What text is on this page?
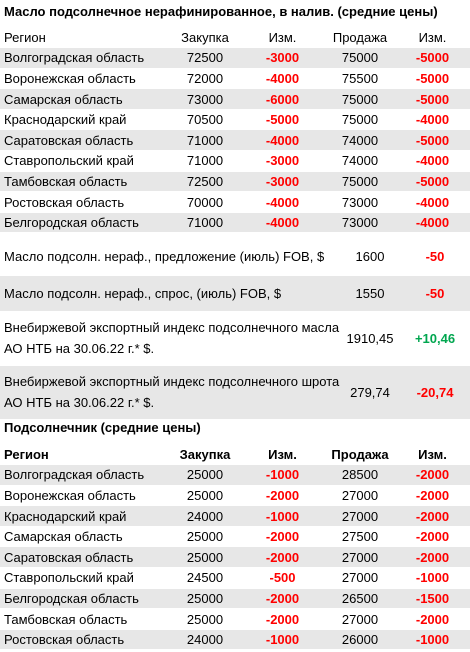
Масло подсолнечное нерафинированное, в налив. (средние цены)
Регион	Закупка	Изм.	Продажа	Изм.
Волгоградская область	72500	-3000	75000	-5000
Воронежская область	72000	-4000	75500	-5000
Самарская область	73000	-6000	75000	-5000
Краснодарский край	70500	-5000	75000	-4000
Саратовская область	71000	-4000	74000	-5000
Ставропольский край	71000	-3000	74000	-4000
Тамбовская область	72500	-3000	75000	-5000
Ростовская область	70000	-4000	73000	-4000
Белгородская область	71000	-4000	73000	-4000
Масло подсолн. нераф., предложение (июль) FOB, $	1600	-50
Масло подсолн. нераф., спрос, (июль) FOB, $	1550	-50
Внебиржевой экспортный индекс подсолнечного масла АО НТБ на 30.06.22 г.* $.	1910,45	+10,46
Внебиржевой экспортный индекс подсолнечного шрота АО НТБ на 30.06.22 г.* $.	279,74	-20,74
Подсолнечник (средние цены)
Регион	Закупка	Изм.	Продажа	Изм.
Волгоградская область	25000	-1000	28500	-2000
Воронежская область	25000	-2000	27000	-2000
Краснодарский край	24000	-1000	27000	-2000
Самарская область	25000	-2000	27500	-2000
Саратовская область	25000	-2000	27000	-2000
Ставропольский край	24500	-500	27000	-1000
Белгородская область	25000	-2000	26500	-1500
Тамбовская область	25000	-2000	27000	-2000
Ростовская область	24000	-1000	26000	-1000
